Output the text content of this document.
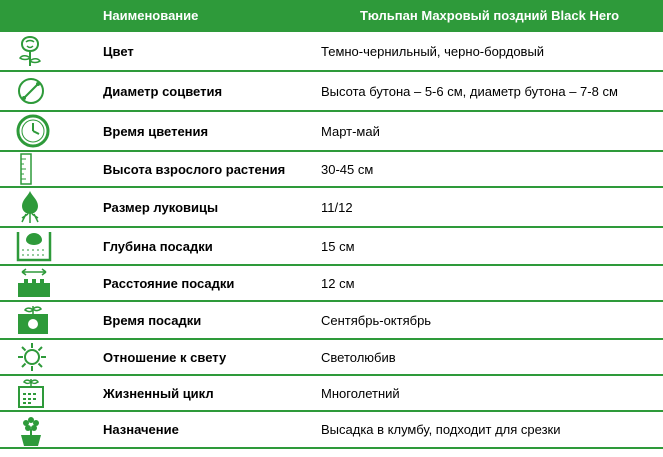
Наименование	Тюльпан Махровый поздний Black Hero
Цвет	Темно-чернильный, черно-бордовый
Диаметр соцветия	Высота бутона – 5-6 см, диаметр бутона – 7-8 см
Время цветения	Март-май
Высота взрослого растения	30-45 см
Размер луковицы	11/12
Глубина посадки	15 см
Расстояние посадки	12 см
Время посадки	Сентябрь-октябрь
Отношение к свету	Светолюбив
Жизненный цикл	Многолетний
Назначение	Высадка в клумбу, подходит для срезки
